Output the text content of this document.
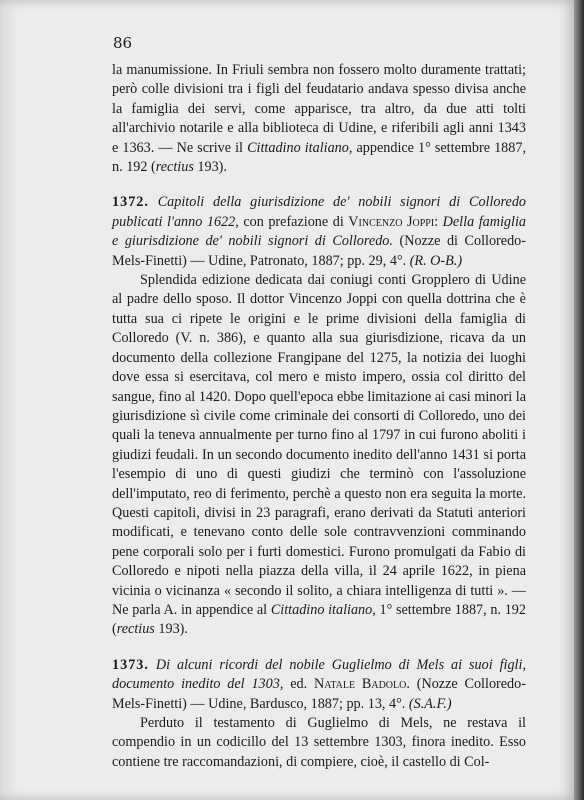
86

la manumissione. In Friuli sembra non fossero molto duramente trattati; però colle divisioni tra i figli del feudatario andava spesso divisa anche la famiglia dei servi, come apparisce, tra altro, da due atti tolti all'archivio notarile e alla biblioteca di Udine, e riferibili agli anni 1343 e 1363. — Ne scrive il Cittadino italiano, appendice 1° settembre 1887, n. 192 (rectius 193).

1372. Capitoli della giurisdizione de' nobili signori di Colloredo publicati l'anno 1622, con prefazione di Vincenzo Joppi: Della famiglia e giurisdizione de' nobili signori di Colloredo. (Nozze di Colloredo-Mels-Finetti) — Udine, Patronato, 1887; pp. 29, 4°. (R. O-B.)

Splendida edizione dedicata dai coniugi conti Gropplero di Udine al padre dello sposo. Il dottor Vincenzo Joppi con quella dottrina che è tutta sua ci ripete le origini e le prime divisioni della famiglia di Colloredo (V. n. 386), e quanto alla sua giurisdizione, ricava da un documento della collezione Frangipane del 1275, la notizia dei luoghi dove essa si esercitava, col mero e misto impero, ossia col diritto del sangue, fino al 1420. Dopo quell'epoca ebbe limitazione ai casi minori la giurisdizione sì civile come criminale dei consorti di Colloredo, uno dei quali la teneva annualmente per turno fino al 1797 in cui furono aboliti i giudizi feudali. In un secondo documento inedito dell'anno 1431 si porta l'esempio di uno di questi giudizi che terminò con l'assoluzione dell'imputato, reo di ferimento, perchè a questo non era seguita la morte. Questi capitoli, divisi in 23 paragrafi, erano derivati da Statuti anteriori modificati, e tenevano conto delle sole contravvenzioni comminando pene corporali solo per i furti domestici. Furono promulgati da Fabio di Colloredo e nipoti nella piazza della villa, il 24 aprile 1622, in piena vicinia o vicinanza « secondo il solito, a chiara intelligenza di tutti ». — Ne parla A. in appendice al Cittadino italiano, 1° settembre 1887, n. 192 (rectius 193).

1373. Di alcuni ricordi del nobile Guglielmo di Mels ai suoi figli, documento inedito del 1303, ed. Natale Badolo. (Nozze Colloredo-Mels-Finetti) — Udine, Bardusco, 1887; pp. 13, 4°. (S.A.F.)

Perduto il testamento di Guglielmo di Mels, ne restava il compendio in un codicillo del 13 settembre 1303, finora inedito. Esso contiene tre raccomandazioni, di compiere, cioè, il castello di Col-
